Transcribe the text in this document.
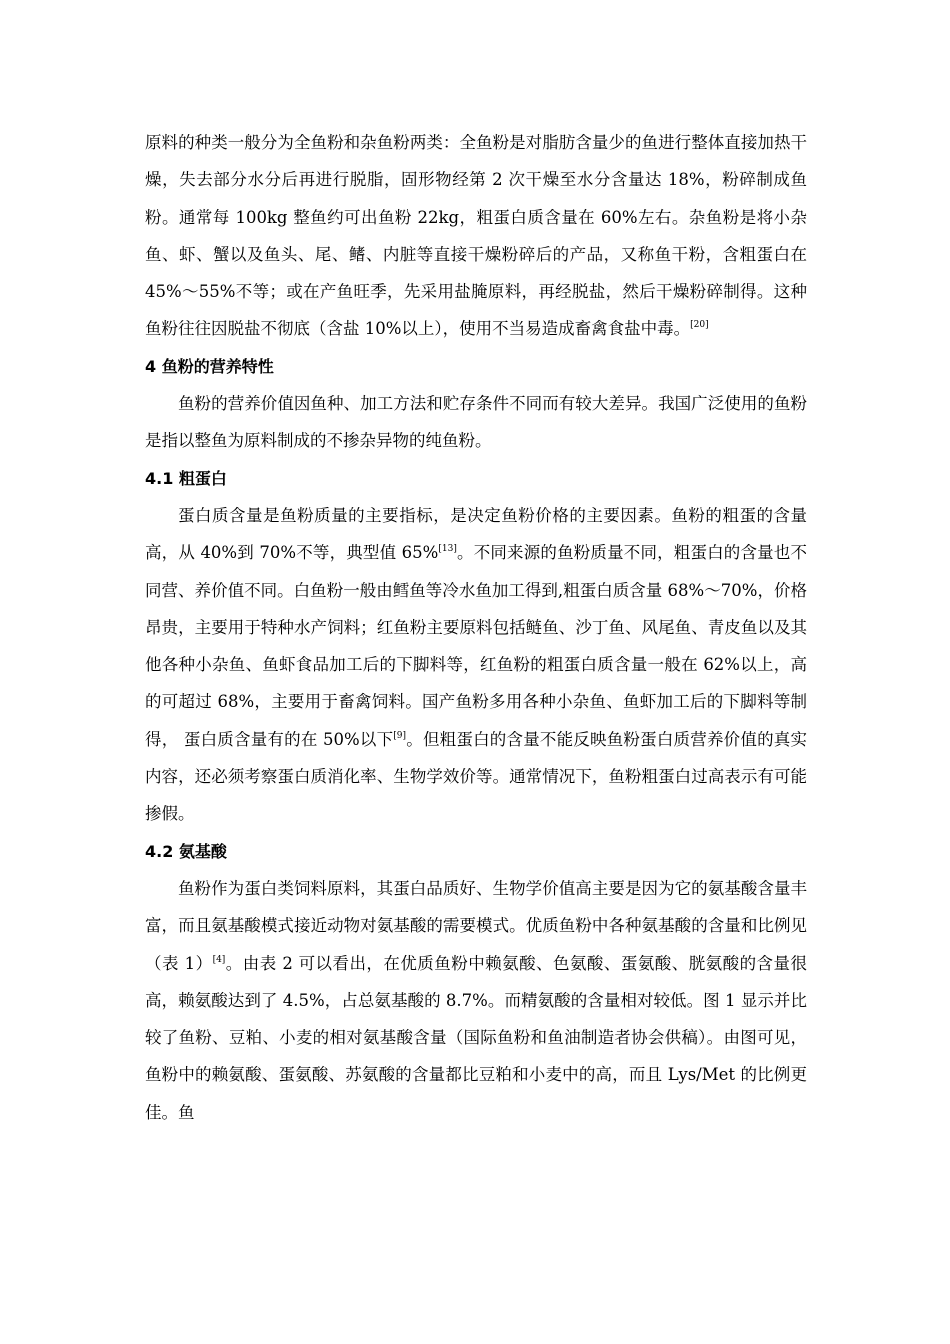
原料的种类一般分为全鱼粉和杂鱼粉两类：全鱼粉是对脂肪含量少的鱼进行整体直接加热干燥，失去部分水分后再进行脱脂，固形物经第 2 次干燥至水分含量达 18%，粉碎制成鱼粉。通常每 100kg 整鱼约可出鱼粉 22kg，粗蛋白质含量在 60%左右。杂鱼粉是将小杂鱼、虾、蟹以及鱼头、尾、鳍、内脏等直接干燥粉碎后的产品，又称鱼干粉，含粗蛋白在 45%～55%不等；或在产鱼旺季，先采用盐腌原料，再经脱盐，然后干燥粉碎制得。这种鱼粉往往因脱盐不彻底（含盐 10%以上），使用不当易造成畜禽食盐中毒。[20]

4 鱼粉的营养特性

鱼粉的营养价值因鱼种、加工方法和贮存条件不同而有较大差异。我国广泛使用的鱼粉是指以整鱼为原料制成的不掺杂异物的纯鱼粉。

4.1 粗蛋白

蛋白质含量是鱼粉质量的主要指标，是决定鱼粉价格的主要因素。鱼粉的粗蛋的含量高，从 40%到 70%不等，典型值 65%[13]。不同来源的鱼粉质量不同，粗蛋白的含量也不同营、养价值不同。白鱼粉一般由鳕鱼等冷水鱼加工得到,粗蛋白质含量 68%～70%，价格昂贵，主要用于特种水产饲料；红鱼粉主要原料包括鲢鱼、沙丁鱼、风尾鱼、青皮鱼以及其他各种小杂鱼、鱼虾食品加工后的下脚料等，红鱼粉的粗蛋白质含量一般在 62%以上，高的可超过 68%，主要用于畜禽饲料。国产鱼粉多用各种小杂鱼、鱼虾加工后的下脚料等制得， 蛋白质含量有的在 50%以下[9]。但粗蛋白的含量不能反映鱼粉蛋白质营养价值的真实内容，还必须考察蛋白质消化率、生物学效价等。通常情况下，鱼粉粗蛋白过高表示有可能掺假。

4.2 氨基酸

鱼粉作为蛋白类饲料原料，其蛋白品质好、生物学价值高主要是因为它的氨基酸含量丰富，而且氨基酸模式接近动物对氨基酸的需要模式。优质鱼粉中各种氨基酸的含量和比例见（表 1）[4]。由表 2 可以看出，在优质鱼粉中赖氨酸、色氨酸、蛋氨酸、胱氨酸的含量很高，赖氨酸达到了 4.5%，占总氨基酸的 8.7%。而精氨酸的含量相对较低。图 1 显示并比较了鱼粉、豆粕、小麦的相对氨基酸含量（国际鱼粉和鱼油制造者协会供稿）。由图可见，鱼粉中的赖氨酸、蛋氨酸、苏氨酸的含量都比豆粕和小麦中的高，而且 Lys/Met 的比例更佳。鱼
